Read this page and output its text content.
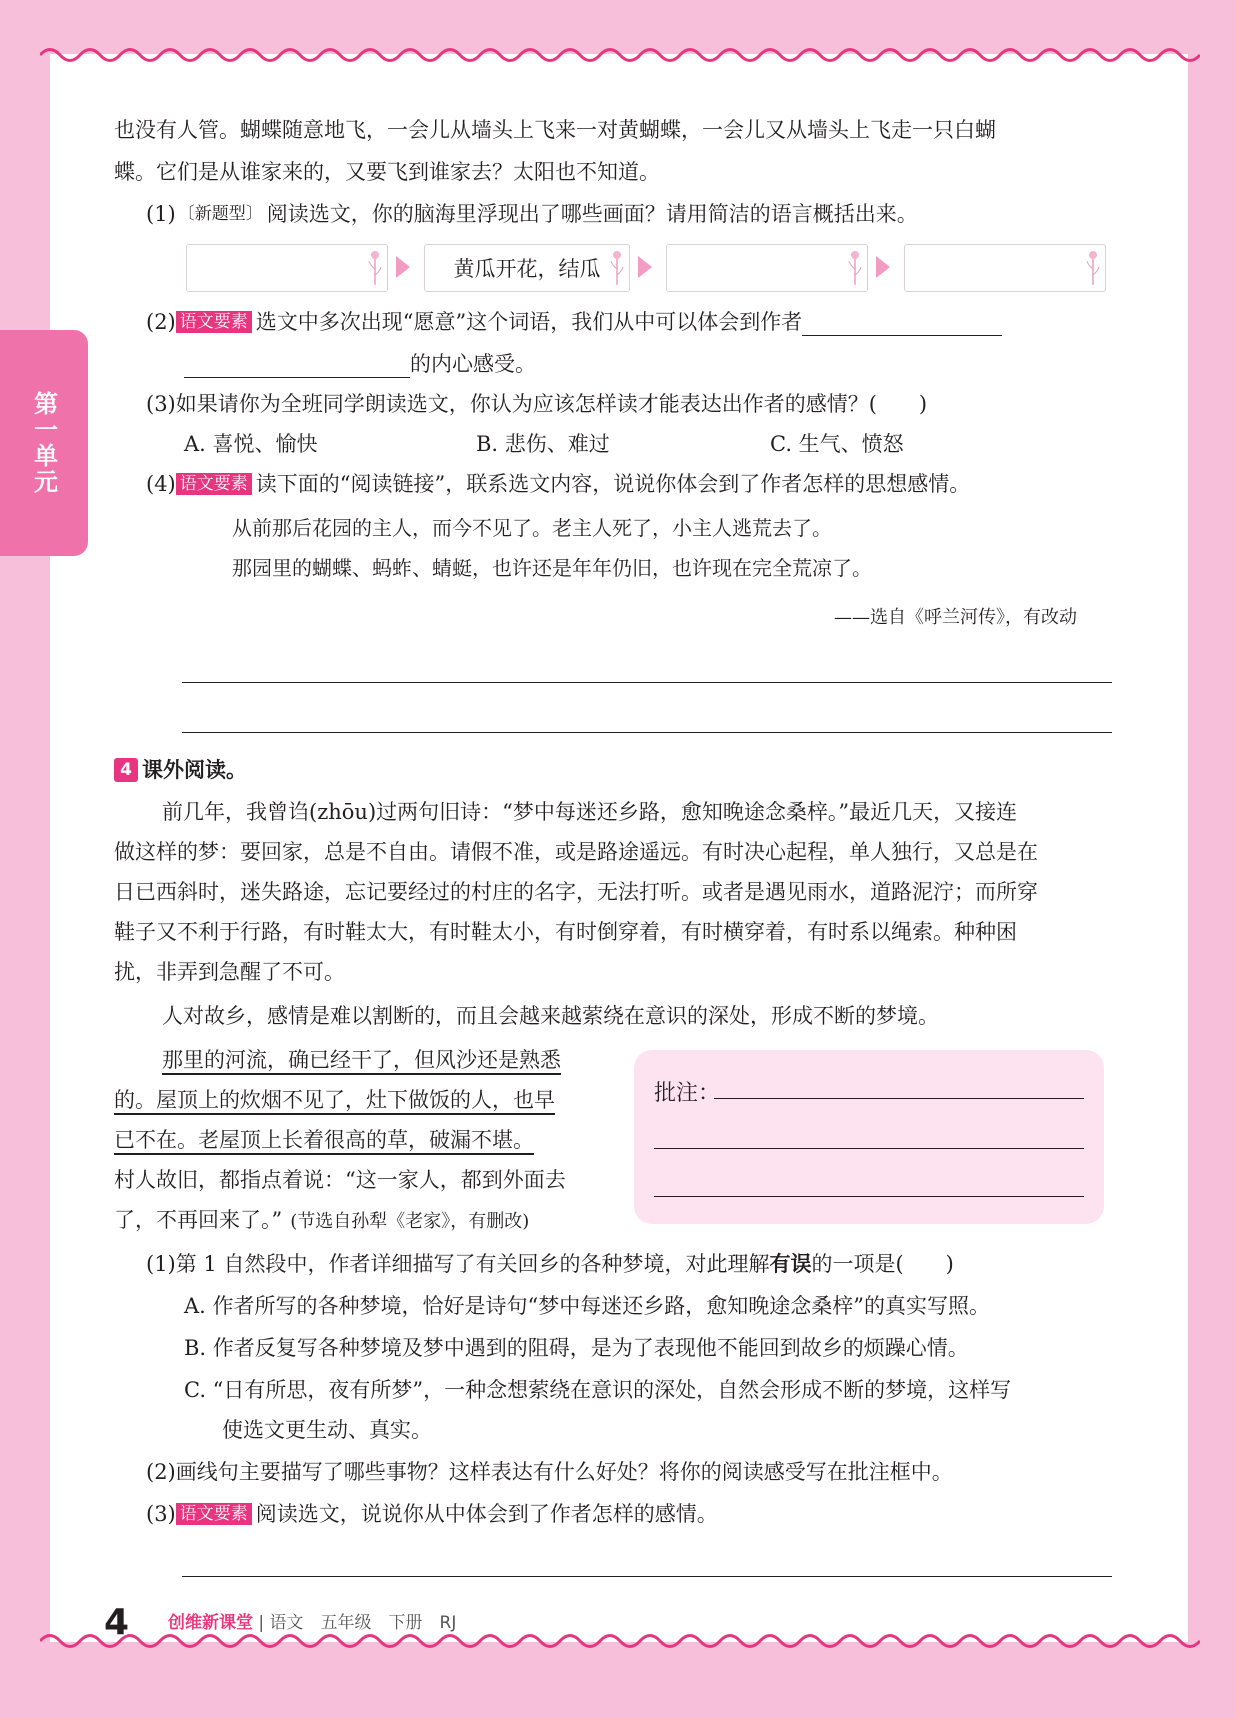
第一单元
也没有人管。蝴蝶随意地飞，一会儿从墙头上飞来一对黄蝴蝶，一会儿又从墙头上飞走一只白蝴
蝶。它们是从谁家来的，又要飞到谁家去？太阳也不知道。
(1) 〔新题型〕 阅读选文，你的脑海里浮现出了哪些画面？请用简洁的语言概括出来。
黄瓜开花，结瓜
(2) 语文要素 选文中多次出现“愿意”这个词语，我们从中可以体会到作者
的内心感受。
(3)如果请你为全班同学朗读选文，你认为应该怎样读才能表达出作者的感情？(　　)
A. 喜悦、愉快	B. 悲伤、难过	C. 生气、愤怒
(4) 语文要素 读下面的“阅读链接”，联系选文内容，说说你体会到了作者怎样的思想感情。
从前那后花园的主人，而今不见了。老主人死了，小主人逃荒去了。
那园里的蝴蝶、蚂蚱、蜻蜓，也许还是年年仍旧，也许现在完全荒凉了。
——选自《呼兰河传》，有改动
4 课外阅读。
前几年，我曾诌(zhōu)过两句旧诗：“梦中每迷还乡路，愈知晚途念桑梓。”最近几天，又接连
做这样的梦：要回家，总是不自由。请假不准，或是路途遥远。有时决心起程，单人独行，又总是在
日已西斜时，迷失路途，忘记要经过的村庄的名字，无法打听。或者是遇见雨水，道路泥泞；而所穿
鞋子又不利于行路，有时鞋太大，有时鞋太小，有时倒穿着，有时横穿着，有时系以绳索。种种困
扰，非弄到急醒了不可。
人对故乡，感情是难以割断的，而且会越来越萦绕在意识的深处，形成不断的梦境。
那里的河流，确已经干了，但风沙还是熟悉
的。屋顶上的炊烟不见了，灶下做饭的人，也早
已不在。老屋顶上长着很高的草，破漏不堪。
村人故旧，都指点着说：“这一家人，都到外面去
了，不再回来了。” (节选自孙犁《老家》，有删改)
批注：
(1)第 1 自然段中，作者详细描写了有关回乡的各种梦境，对此理解有误的一项是(　　)
A. 作者所写的各种梦境，恰好是诗句“梦中每迷还乡路，愈知晚途念桑梓”的真实写照。
B. 作者反复写各种梦境及梦中遇到的阻碍，是为了表现他不能回到故乡的烦躁心情。
C. “日有所思，夜有所梦”，一种念想萦绕在意识的深处，自然会形成不断的梦境，这样写
使选文更生动、真实。
(2)画线句主要描写了哪些事物？这样表达有什么好处？将你的阅读感受写在批注框中。
(3) 语文要素 阅读选文，说说你从中体会到了作者怎样的感情。
4 创维新课堂 | 语文　五年级　下册　RJ
